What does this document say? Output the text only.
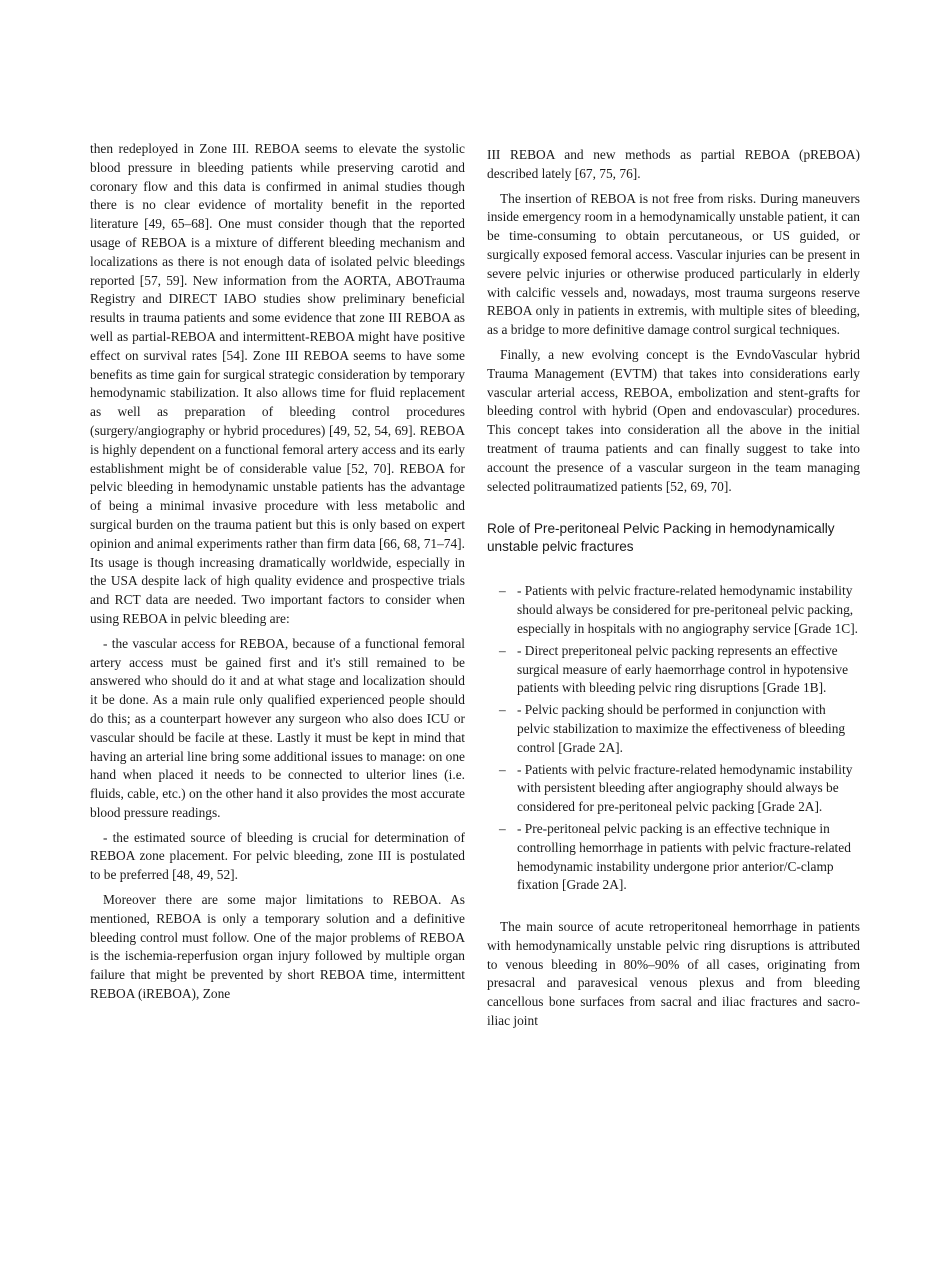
then redeployed in Zone III. REBOA seems to elevate the systolic blood pressure in bleeding patients while preserving carotid and coronary flow and this data is confirmed in animal studies though there is no clear evidence of mortality benefit in the reported literature [49, 65–68]. One must consider though that the reported usage of REBOA is a mixture of different bleeding mechanism and localizations as there is not enough data of isolated pelvic bleedings reported [57, 59]. New information from the AORTA, ABOTrauma Registry and DIRECT IABO studies show preliminary beneficial results in trauma patients and some evidence that zone III REBOA as well as partial-REBOA and intermittent-REBOA might have positive effect on survival rates [54]. Zone III REBOA seems to have some benefits as time gain for surgical strategic consideration by temporary hemodynamic stabilization. It also allows time for fluid replacement as well as preparation of bleeding control procedures (surgery/angiography or hybrid procedures) [49, 52, 54, 69]. REBOA is highly dependent on a functional femoral artery access and its early establishment might be of considerable value [52, 70]. REBOA for pelvic bleeding in hemodynamic unstable patients has the advantage of being a minimal invasive procedure with less metabolic and surgical burden on the trauma patient but this is only based on expert opinion and animal experiments rather than firm data [66, 68, 71–74]. Its usage is though increasing dramatically worldwide, especially in the USA despite lack of high quality evidence and prospective trials and RCT data are needed. Two important factors to consider when using REBOA in pelvic bleeding are:

- the vascular access for REBOA, because of a functional femoral artery access must be gained first and it's still remained to be answered who should do it and at what stage and localization should it be done. As a main rule only qualified experienced people should do this; as a counterpart however any surgeon who also does ICU or vascular should be facile at these. Lastly it must be kept in mind that having an arterial line bring some additional issues to manage: on one hand when placed it needs to be connected to ulterior lines (i.e. fluids, cable, etc.) on the other hand it also provides the most accurate blood pressure readings.

- the estimated source of bleeding is crucial for determination of REBOA zone placement. For pelvic bleeding, zone III is postulated to be preferred [48, 49, 52].

Moreover there are some major limitations to REBOA. As mentioned, REBOA is only a temporary solution and a definitive bleeding control must follow. One of the major problems of REBOA is the ischemia-reperfusion organ injury followed by multiple organ failure that might be prevented by short REBOA time, intermittent REBOA (iREBOA), Zone

III REBOA and new methods as partial REBOA (pREBOA) described lately [67, 75, 76].

The insertion of REBOA is not free from risks. During maneuvers inside emergency room in a hemodynamically unstable patient, it can be time-consuming to obtain percutaneous, or US guided, or surgically exposed femoral access. Vascular injuries can be present in severe pelvic injuries or otherwise produced particularly in elderly with calcific vessels and, nowadays, most trauma surgeons reserve REBOA only in patients in extremis, with multiple sites of bleeding, as a bridge to more definitive damage control surgical techniques.

Finally, a new evolving concept is the EvndoVascular hybrid Trauma Management (EVTM) that takes into considerations early vascular arterial access, REBOA, embolization and stent-grafts for bleeding control with hybrid (Open and endovascular) procedures. This concept takes into consideration all the above in the initial treatment of trauma patients and can finally suggest to take into account the presence of a vascular surgeon in the team managing selected politraumatized patients [52, 69, 70].

Role of Pre-peritoneal Pelvic Packing in hemodynamically unstable pelvic fractures
– - Patients with pelvic fracture-related hemodynamic instability should always be considered for pre-peritoneal pelvic packing, especially in hospitals with no angiography service [Grade 1C].
– - Direct preperitoneal pelvic packing represents an effective surgical measure of early haemorrhage control in hypotensive patients with bleeding pelvic ring disruptions [Grade 1B].
– - Pelvic packing should be performed in conjunction with pelvic stabilization to maximize the effectiveness of bleeding control [Grade 2A].
– - Patients with pelvic fracture-related hemodynamic instability with persistent bleeding after angiography should always be considered for pre-peritoneal pelvic packing [Grade 2A].
– - Pre-peritoneal pelvic packing is an effective technique in controlling hemorrhage in patients with pelvic fracture-related hemodynamic instability undergone prior anterior/C-clamp fixation [Grade 2A].

The main source of acute retroperitoneal hemorrhage in patients with hemodynamically unstable pelvic ring disruptions is attributed to venous bleeding in 80%–90% of all cases, originating from presacral and paravesical venous plexus and from bleeding cancellous bone surfaces from sacral and iliac fractures and sacro-iliac joint
